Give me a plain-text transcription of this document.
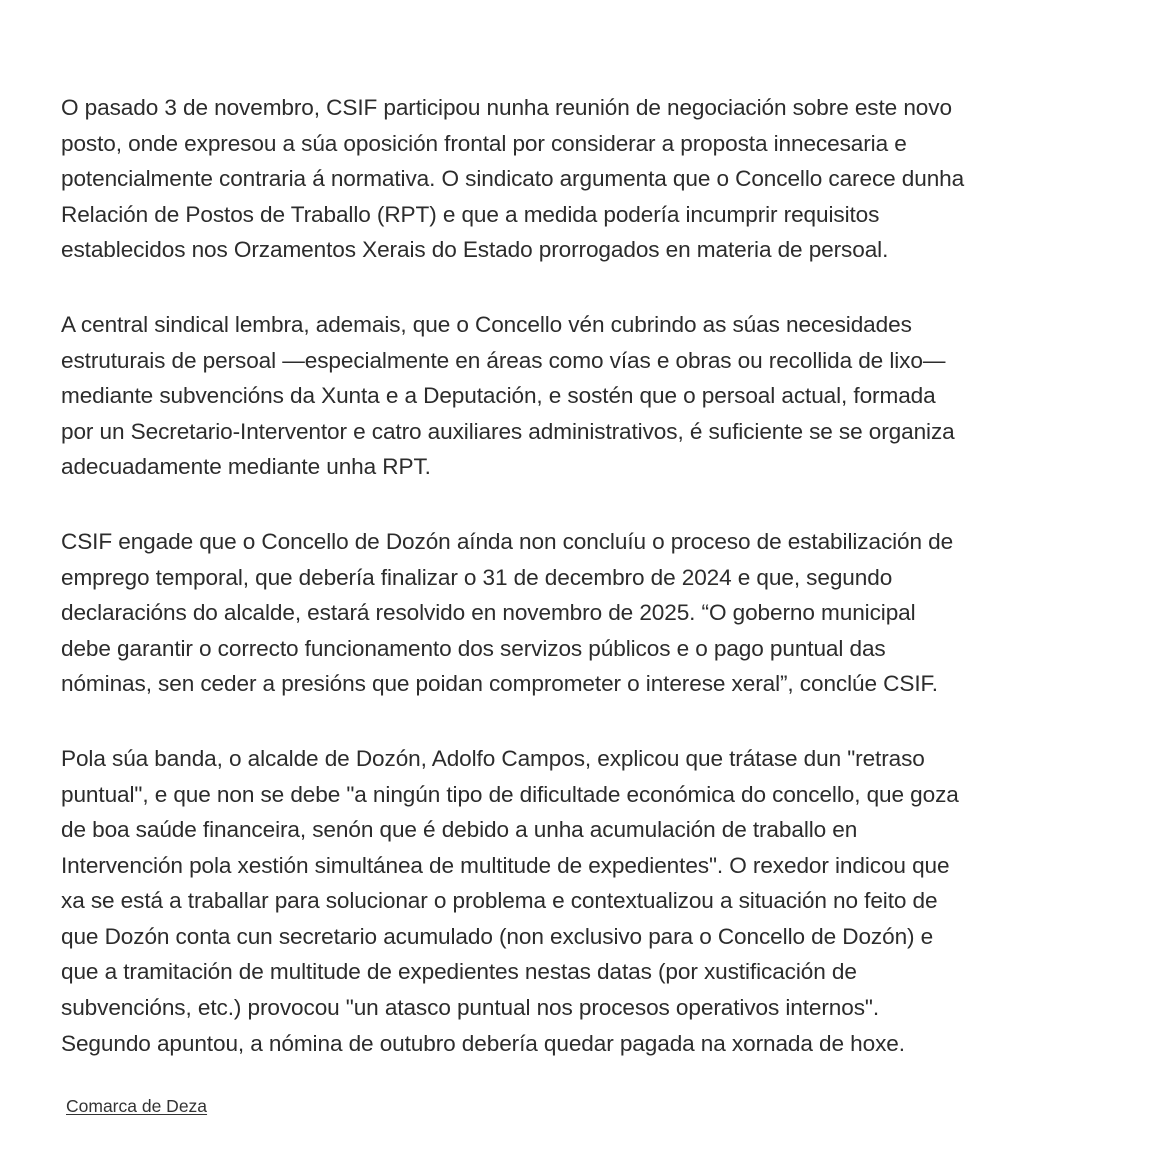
O pasado 3 de novembro, CSIF participou nunha reunión de negociación sobre este novo
posto, onde expresou a súa oposición frontal por considerar a proposta innecesaria e
potencialmente contraria á normativa. O sindicato argumenta que o Concello carece dunha
Relación de Postos de Traballo (RPT) e que a medida podería incumprir requisitos
establecidos nos Orzamentos Xerais do Estado prorrogados en materia de persoal.

A central sindical lembra, ademais, que o Concello vén cubrindo as súas necesidades
estruturais de persoal —especialmente en áreas como vías e obras ou recollida de lixo—
mediante subvencións da Xunta e a Deputación, e sostén que o persoal actual, formada
por un Secretario-Interventor e catro auxiliares administrativos, é suficiente se se organiza
adecuadamente mediante unha RPT.

CSIF engade que o Concello de Dozón aínda non concluíu o proceso de estabilización de
emprego temporal, que debería finalizar o 31 de decembro de 2024 e que, segundo
declaracións do alcalde, estará resolvido en novembro de 2025. “O goberno municipal
debe garantir o correcto funcionamento dos servizos públicos e o pago puntual das
nóminas, sen ceder a presións que poidan comprometer o interese xeral”, conclúe CSIF.

Pola súa banda, o alcalde de Dozón, Adolfo Campos, explicou que trátase dun "retraso
puntual", e que non se debe "a ningún tipo de dificultade económica do concello, que goza
de boa saúde financeira, senón que é debido a unha acumulación de traballo en
Intervención pola xestión simultánea de multitude de expedientes". O rexedor indicou que
xa se está a traballar para solucionar o problema e contextualizou a situación no feito de
que Dozón conta cun secretario acumulado (non exclusivo para o Concello de Dozón) e
que a tramitación de multitude de expedientes nestas datas (por xustificación de
subvencións, etc.) provocou "un atasco puntual nos procesos operativos internos".
Segundo apuntou, a nómina de outubro debería quedar pagada na xornada de hoxe.

Comarca de Deza
